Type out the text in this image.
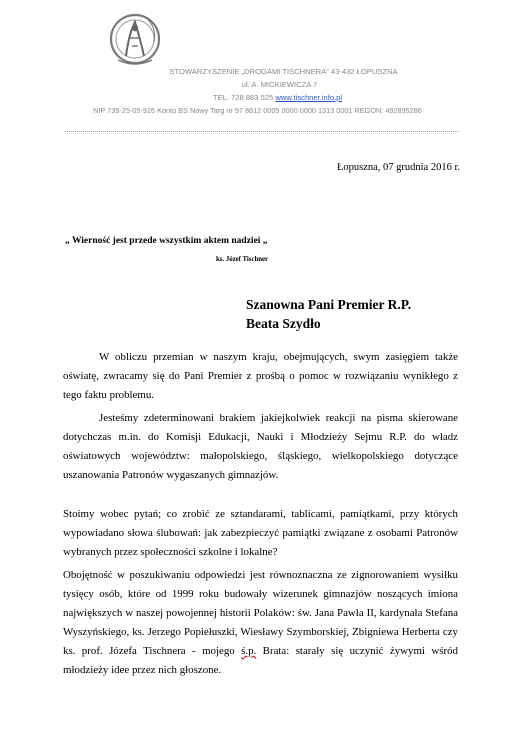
STOWARZYSZENIE „DROGAMI TISCHNERA” 43-432 ŁOPUSZNA
ul. A. MICKIEWICZA 7
TEL. 728 883 525 www.tischner.info.pl
NIP 735-25-05-926 Konto BS Nowy Targ nr 97 8812 0005 0000 0000 1313 0001 REGON: 492895286
Łopuszna, 07 grudnia 2016 r.
„ Wierność jest przede wszystkim aktem nadziei „
ks. Józef Tischner
Szanowna Pani Premier R.P.
Beata Szydło
W obliczu przemian w naszym kraju, obejmujących, swym zasięgiem także oświatę, zwracamy się do Pani Premier z prośbą o pomoc w rozwiązaniu wynikłego z tego faktu problemu.
Jesteśmy zdeterminowani brakiem jakiejkolwiek reakcji na pisma skierowane dotychczas m.in. do Komisji Edukacji, Nauki i Młodzieży Sejmu R.P. do władz oświatowych województw: małopolskiego, śląskiego, wielkopolskiego dotyczące uszanowania Patronów wygaszanych gimnazjów.
Stoimy wobec pytań; co zrobić ze sztandarami, tablicami, pamiątkami, przy których wypowiadano słowa ślubowań: jak zabezpieczyć pamiątki związane z osobami Patronów wybranych przez społeczności szkolne i lokalne?
Obojętność w poszukiwaniu odpowiedzi jest równoznaczna ze zignorowaniem wysiłku tysięcy osób, które od 1999 roku budowały wizerunek gimnazjów noszących imiona największych w naszej powojennej historii Polaków: św. Jana Pawła II, kardynała Stefana Wyszyńskiego, ks. Jerzego Popiełuszki, Wiesławy Szymborskiej, Zbigniewa Herberta czy ks. prof. Józefa Tischnera - mojego ś.p. Brata: starały się uczynić żywymi wśród młodzieży idee przez nich głoszone.
